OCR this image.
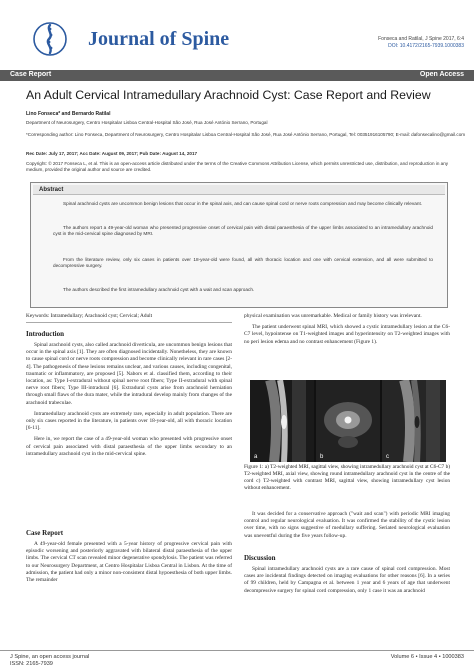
Journal of Spine	Fonseca and Ratilal, J Spine 2017, 6:4
DOI: 10.4172/2165-7939.1000383
Case Report	Open Access
An Adult Cervical Intramedullary Arachnoid Cyst: Case Report and Review
Lino Fonseca* and Bernardo Ratilal
Department of Neurosurgery, Centro Hospitalar Lisboa Central-Hospital São José, Rua José António Serrano, Portugal
*Corresponding author: Lino Fonseca, Department of Neurosurgery, Centro Hospitalar Lisboa Central-Hospital São José, Rua José António Serrano, Portugal, Tel: 00351916105790; E-mail: dafonsecalino@gmail.com
Rec Date: July 17, 2017; Acc Date: August 09, 2017; Pub Date: August 14, 2017
Copyright: © 2017 Fonseca L, et al. This is an open-access article distributed under the terms of the Creative Commons Attribution License, which permits unrestricted use, distribution, and reproduction in any medium, provided the original author and source are credited.
Abstract
Spinal arachnoid cysts are uncommon benign lesions that occur in the spinal axis, and can cause spinal cord or nerve roots compression and may become clinically relevant.
The authors report a 49-year-old woman who presented progressive onset of cervical pain with distal paraesthesia of the upper limbs associated to an intramedullary arachnoid cyst in the mid-cervical spine diagnosed by MRI.
From the literature review, only six cases in patients over 18-year-old were found, all with thoracic location and one with cervical extension, and all were submitted to decompressive surgery.
The authors described the first intramedullary arachnoid cyst with a wait and scan approach.
Keywords: Intramedullary; Arachnoid cyst; Cervical; Adult
Introduction

Spinal arachnoid cysts, also called arachnoid diverticula, are uncommon benign lesions that occur in the spinal axis [1]. They are often diagnosed incidentally. Nonetheless, they are known to cause spinal cord or nerve roots compression and become clinically relevant in rare cases [2-4]. The pathogenesis of these lesions remains unclear, and various causes, including congenital, traumatic or inflammatory, are proposed [5]. Nabors et al. classified them, according to their location, as: Type I-extradural without spinal nerve root fibers; Type II-extradural with spinal nerve root fibers; Type III-intradural [6]. Extradural cysts arise from arachnoid herniation through small flaws of the dura mater, while the intradural develop mainly from changes of the arachnoid trabeculae.

Intramedullary arachnoid cysts are extremely rare, especially in adult population. There are only six cases reported in the literature, in patients over 18-year-old, all with thoracic location [6-11].

Here in, we report the case of a 49-year-old woman who presented with progressive onset of cervical pain associated with distal paraesthesia of the upper limbs secondary to an intramedullary arachnoid cyst in the mid-cervical spine.

Case Report

A 49-year-old female presented with a 5-year history of progressive cervical pain with episodic worsening and posteriorly aggravated with bilateral distal paraesthesia of the upper limbs. The cervical CT scan revealed minor degenerative spondylosis. The patient was referred to our Neurosurgery Department, at Centro Hospitalar Lisboa Central in Lisbon. At the time of admission, the patient had only a minor non-consistent distal hypoesthesia of both upper limbs. The remainder

physical examination was unremarkable. Medical or family history was irrelevant.

The patient underwent spinal MRI, which showed a cystic intramedullary lesion at the C6-C7 level, hypointense on T1-weighted images and hyperintensity on T2-weighted images with no peri lesion edema and no contrast enhancement (Figure 1).

a	b	c
Figure 1: a) T2-weighted MRI, sagittal view, showing intramedullary arachnoid cyst at C6-C7 b) T2-weighted MRI, axial view, showing round intramedullary arachnoid cyst in the centre of the cord c) T2-weighted with contrast MRI, sagittal view, showing intramedullary cyst lesion without enhancement.

It was decided for a conservative approach ("wait and scan") with periodic MRI imaging control and regular neurological evaluation. It was confirmed the stability of the cystic lesion over time, with no signs suggestive of medullary suffering. Seriated neurological evaluation was uneventful during the five years follow-up.

Discussion

Spinal intramedullary arachnoid cysts are a rare cause of spinal cord compression. Most cases are incidental findings detected on imaging evaluations for other reasons [6]. In a series of 99 children, held by Campagna et al. between 1 year and 6 years of age that underwent decompressive surgery for spinal cord compression, only 1 case it was an arachnoid

J Spine, an open access journal
ISSN: 2165-7939
Volume 6 • Issue 4 • 1000383
